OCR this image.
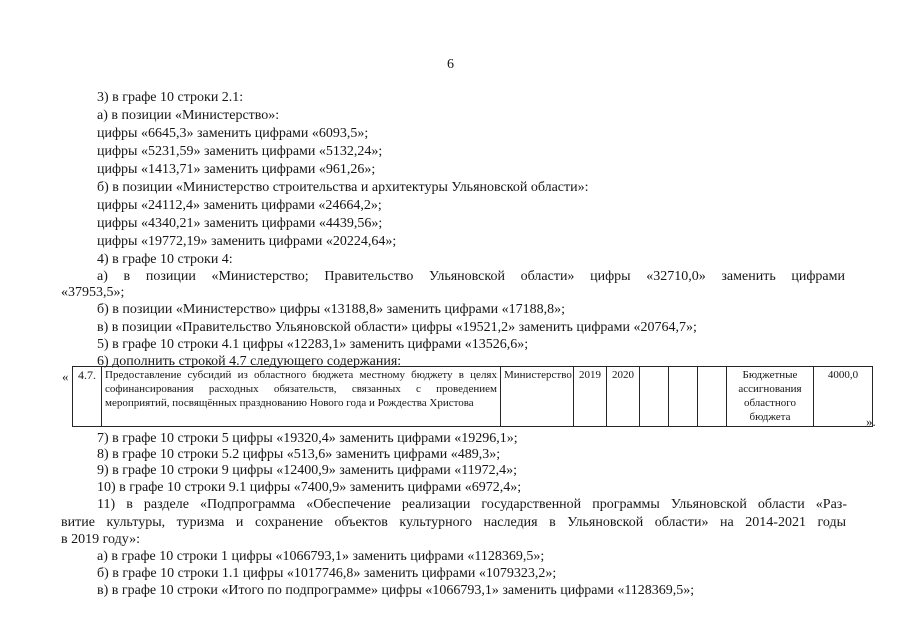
6
3) в графе 10 строки 2.1:
а) в позиции «Министерство»:
цифры «6645,3» заменить цифрами «6093,5»;
цифры «5231,59» заменить цифрами «5132,24»;
цифры «1413,71» заменить цифрами «961,26»;
б) в позиции «Министерство строительства и архитектуры Ульяновской области»:
цифры «24112,4» заменить цифрами «24664,2»;
цифры «4340,21» заменить цифрами «4439,56»;
цифры «19772,19» заменить цифрами «20224,64»;
4) в графе 10 строки 4:
а) в позиции «Министерство; Правительство Ульяновской области» цифры «32710,0» заменить цифрами
«37953,5»;
б) в позиции «Министерство» цифры «13188,8» заменить цифрами «17188,8»;
в) в позиции «Правительство Ульяновской области» цифры «19521,2» заменить цифрами «20764,7»;
5) в графе 10 строки 4.1 цифры «12283,1» заменить цифрами «13526,6»;
6) дополнить строкой 4.7 следующего содержания:
« 4.7.	Предоставление субсидий из областного бюджета местному бюджету в целях софинансирования расходных обязательств, связанных с проведением мероприятий, посвящённых празднованию Нового года и Рождества Христова	Министерство	2019	2020				Бюджетные ассигнования областного бюджета	4000,0
».
7) в графе 10 строки 5 цифры «19320,4» заменить цифрами «19296,1»;
8) в графе 10 строки 5.2 цифры «513,6» заменить цифрами «489,3»;
9) в графе 10 строки 9 цифры «12400,9» заменить цифрами «11972,4»;
10) в графе 10 строки 9.1 цифры «7400,9» заменить цифрами «6972,4»;
11) в разделе «Подпрограмма «Обеспечение реализации государственной программы Ульяновской области «Раз-
витие культуры, туризма и сохранение объектов культурного наследия в Ульяновской области» на 2014-2021 годы
в 2019 году»:
а) в графе 10 строки 1 цифры «1066793,1» заменить цифрами «1128369,5»;
б) в графе 10 строки 1.1 цифры «1017746,8» заменить цифрами «1079323,2»;
в) в графе 10 строки «Итого по подпрограмме» цифры «1066793,1» заменить цифрами «1128369,5»;
